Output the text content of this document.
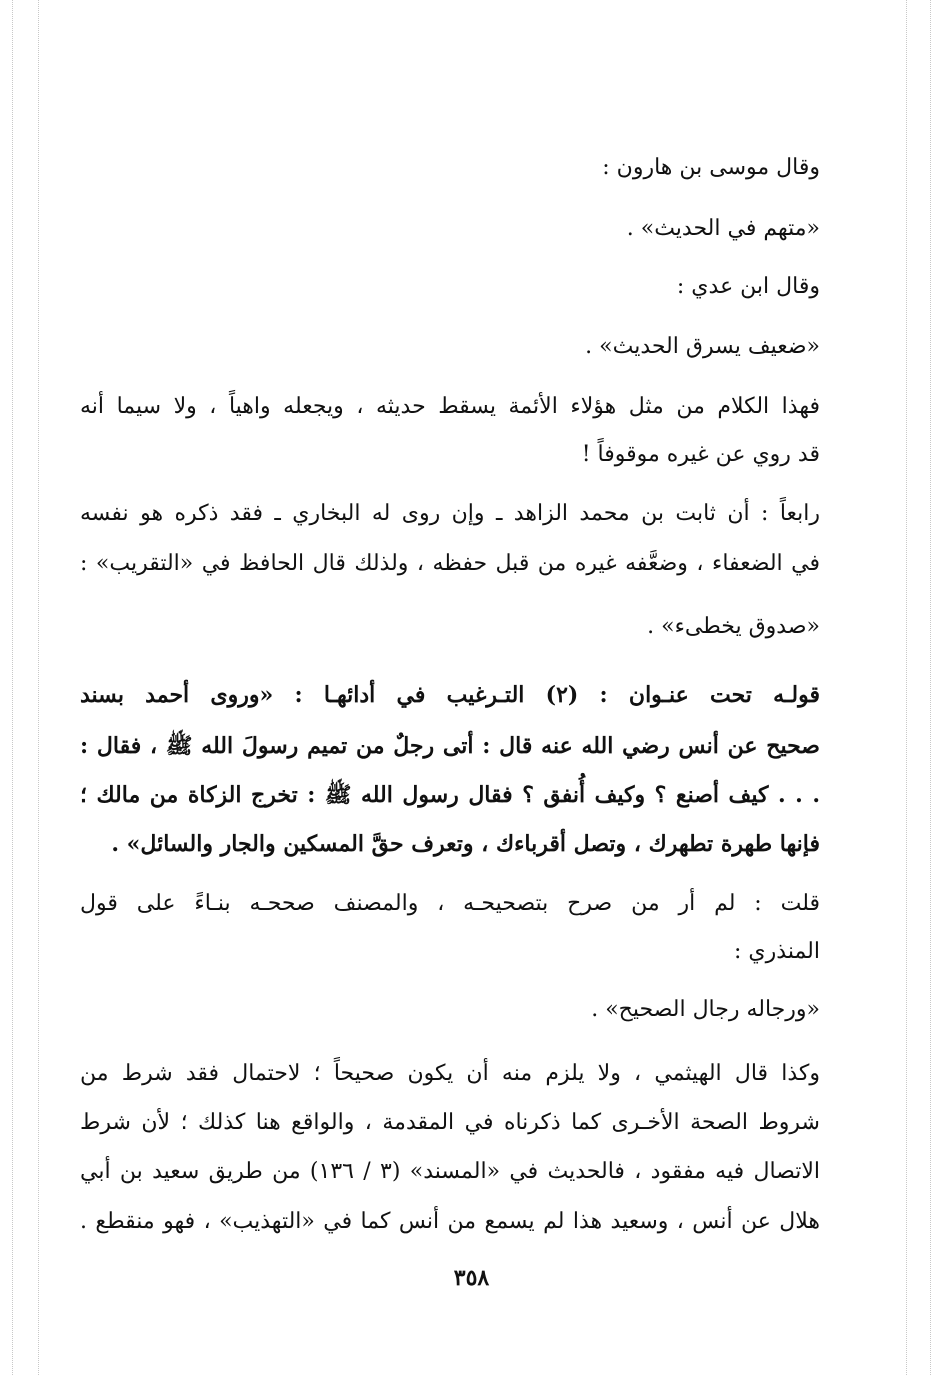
وقال موسى بن هارون :
«متهم في الحديث» .
وقال ابن عدي :
«ضعيف يسرق الحديث» .
فهذا الكلام من مثل هؤلاء الأئمة يسقط حديثه ، ويجعله واهياً ، ولا سيما أنه
قد روي عن غيره موقوفاً !
رابعاً : أن ثابت بن محمد الزاهد ـ وإن روى له البخاري ـ فقد ذكره هو نفسه
في الضعفاء ، وضعَّفه غيره من قبل حفظه ، ولذلك قال الحافظ في «التقريب» :
«صدوق يخطىء» .
قولـه تحت عنـوان : (٢) التـرغيب في أدائهـا : «وروى أحمد بسند
صحيح عن أنس رضي الله عنه قال : أتى رجلٌ من تميم رسولَ الله ﷺ ، فقال :
. . . كيف أصنع ؟ وكيف أُنفق ؟ فقال رسول الله ﷺ : تخرج الزكاة من مالك ؛
فإنها طهرة تطهرك ، وتصل أقرباءك ، وتعرف حقَّ المسكين والجار والسائل» .
قلت : لم أر من صرح بتصحيحـه ، والمصنف صححـه بنـاءً على قول
المنذري :
«ورجاله رجال الصحيح» .
وكذا قال الهيثمي ، ولا يلزم منه أن يكون صحيحاً ؛ لاحتمال فقد شرط من
شروط الصحة الأخـرى كما ذكرناه في المقدمة ، والواقع هنا كذلك ؛ لأن شرط
الاتصال فيه مفقود ، فالحديث في «المسند» (٣ / ١٣٦) من طريق سعيد بن أبي
هلال عن أنس ، وسعيد هذا لم يسمع من أنس كما في «التهذيب» ، فهو منقطع .
٣٥٨
